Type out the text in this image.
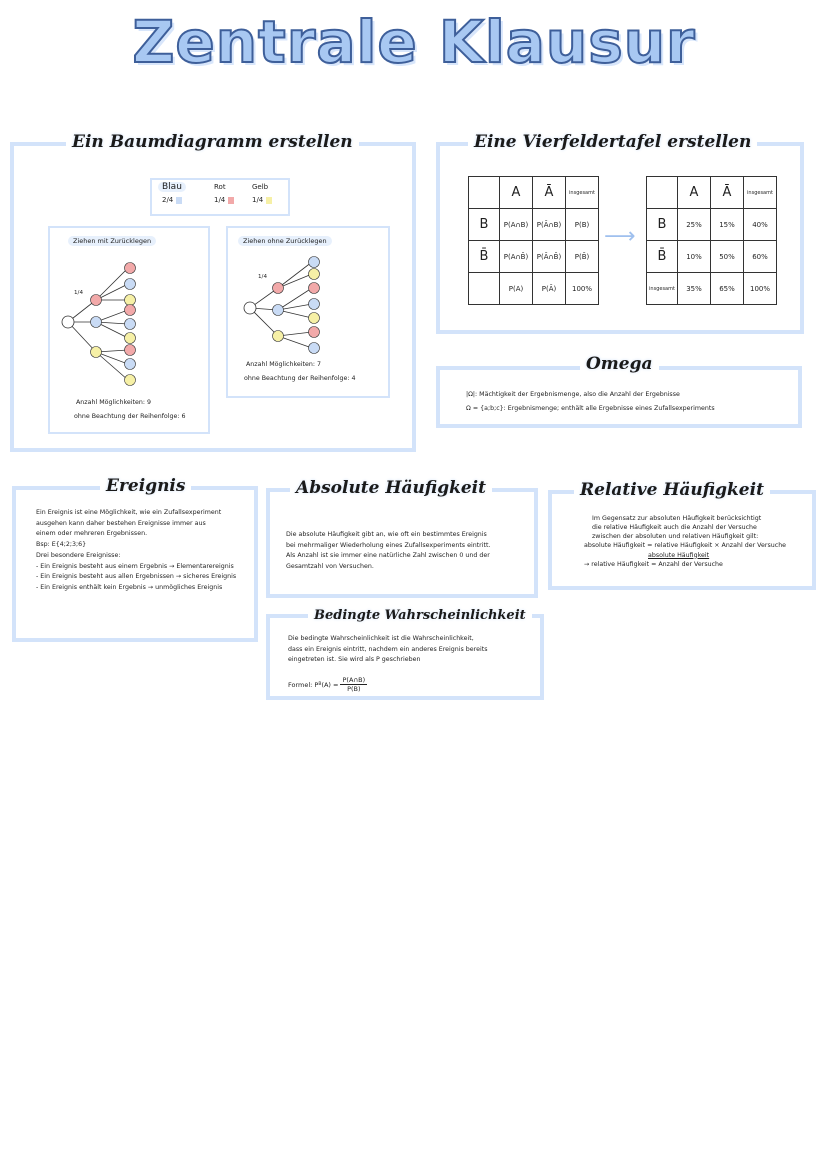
Zentrale Klausur
Ein Baumdiagramm erstellen
Blau
2/4
Rot
1/4
Gelb
1/4
Ziehen mit Zurücklegen
1/4
Anzahl Möglichkeiten: 9
ohne Beachtung der Reihenfolge: 6
Ziehen ohne Zurücklegen
1/4
Anzahl Möglichkeiten: 7
ohne Beachtung der Reihenfolge: 4
Eine Vierfeldertafel erstellen
	A	Ā	insgesamt
B	P(A∩B)	P(Ā∩B)	P(B)
B̄	P(A∩B̄)	P(Ā∩B̄)	P(B̄)
	P(A)	P(Ā)	100%
⟶
	A	Ā	insgesamt
B	25%	15%	40%
B̄	10%	50%	60%
insgesamt	35%	65%	100%
Omega
|Ω|: Mächtigkeit der Ergebnismenge, also die Anzahl der Ergebnisse
Ω = {a;b;c}: Ergebnismenge; enthält alle Ergebnisse eines Zufallsexperiments
Ereignis
Ein Ereignis ist eine Möglichkeit, wie ein Zufallsexperiment
ausgehen kann daher bestehen Ereignisse immer aus
einem oder mehreren Ergebnissen.
Bsp: E{4;2;3;6}
Drei besondere Ereignisse:
- Ein Ereignis besteht aus einem Ergebnis → Elementarereignis
- Ein Ereignis besteht aus allen Ergebnissen → sicheres Ereignis
- Ein Ereignis enthält kein Ergebnis → unmögliches Ereignis
Absolute Häufigkeit
Die absolute Häufigkeit gibt an, wie oft ein bestimmtes Ereignis
bei mehrmaliger Wiederholung eines Zufallsexperiments eintritt.
Als Anzahl ist sie immer eine natürliche Zahl zwischen 0 und der
Gesamtzahl von Versuchen.
Relative Häufigkeit
Im Gegensatz zur absoluten Häufigkeit berücksichtigt
die relative Häufigkeit auch die Anzahl der Versuche
zwischen der absoluten und relativen Häufigkeit gilt:
absolute Häufigkeit = relative Häufigkeit × Anzahl der Versuche
absolute Häufigkeit
→ relative Häufigkeit = Anzahl der Versuche
Bedingte Wahrscheinlichkeit
Die bedingte Wahrscheinlichkeit ist die Wahrscheinlichkeit,
dass ein Ereignis eintritt, nachdem ein anderes Ereignis bereits
eingetreten ist. Sie wird als P geschrieben
Formel: P B $(A) = \frac{P(A\cap B)}{P(B)}$
